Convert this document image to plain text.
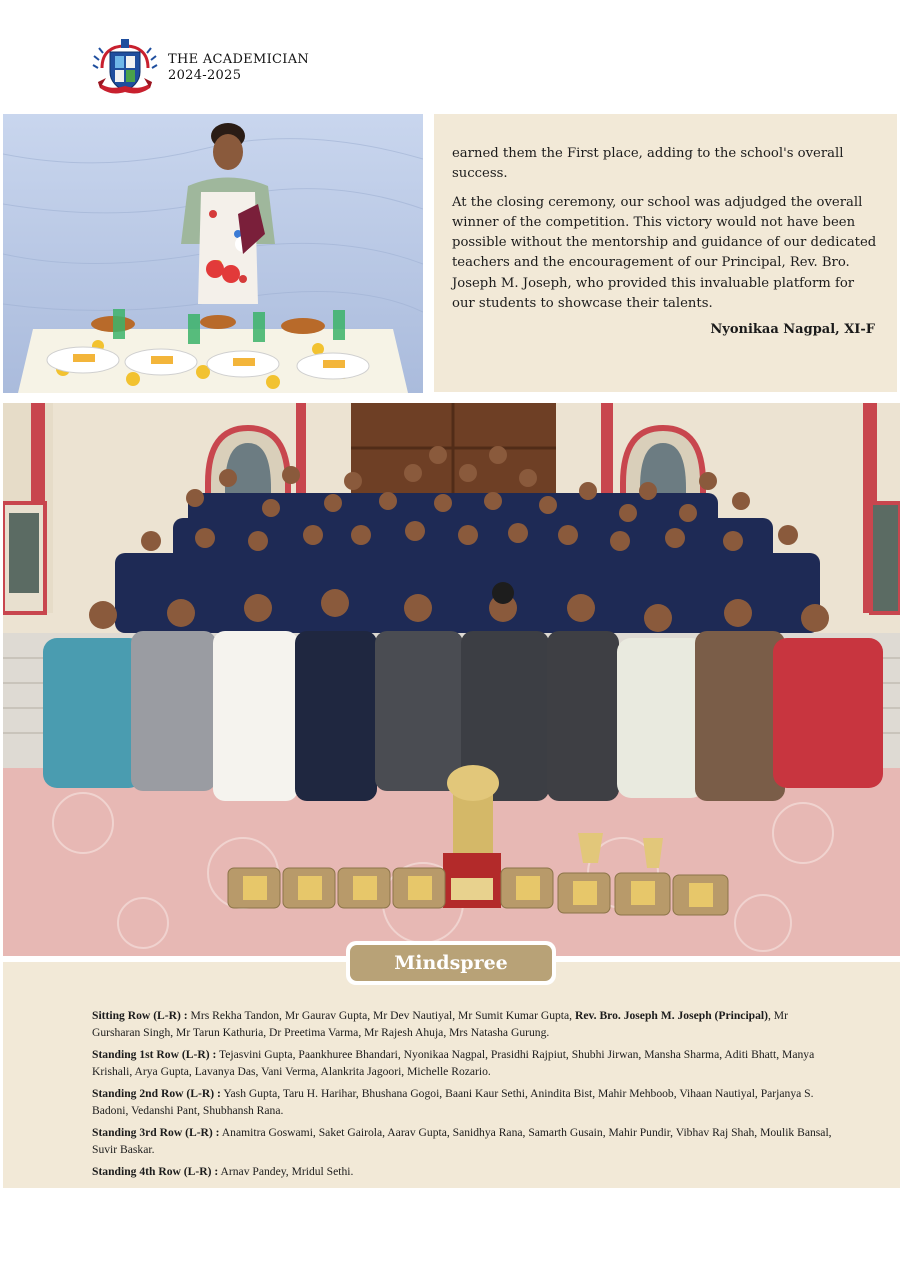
THE ACADEMICIAN
2024-2025

earned them the First place, adding to the school's overall success.

At the closing ceremony, our school was adjudged the overall winner of the competition. This victory would not have been possible without the mentorship and guidance of our dedicated teachers and the encouragement of our Principal, Rev. Bro. Joseph M. Joseph, who provided this invaluable platform for our students to showcase their talents.

Nyonikaa Nagpal, XI-F
Mindspree
Sitting Row (L-R) : Mrs Rekha Tandon, Mr Gaurav Gupta, Mr Dev Nautiyal, Mr Sumit Kumar Gupta, Rev. Bro. Joseph M. Joseph (Principal), Mr Gursharan Singh, Mr Tarun Kathuria, Dr Preetima Varma, Mr Rajesh Ahuja, Mrs Natasha Gurung.
Standing 1st Row (L-R) : Tejasvini Gupta, Paankhuree Bhandari, Nyonikaa Nagpal, Prasidhi Rajpiut, Shubhi Jirwan, Mansha Sharma, Aditi Bhatt, Manya Krishali, Arya Gupta, Lavanya Das, Vani Verma, Alankrita Jagoori, Michelle Rozario.
Standing 2nd Row (L-R) : Yash Gupta, Taru H. Harihar, Bhushana Gogoi, Baani Kaur Sethi, Anindita Bist, Mahir Mehboob, Vihaan Nautiyal, Parjanya S. Badoni, Vedanshi Pant, Shubhansh Rana.
Standing 3rd Row (L-R) : Anamitra Goswami, Saket Gairola, Aarav Gupta, Sanidhya Rana, Samarth Gusain, Mahir Pundir, Vibhav Raj Shah, Moulik Bansal, Suvir Baskar.
Standing 4th Row (L-R) : Arnav Pandey, Mridul Sethi.
